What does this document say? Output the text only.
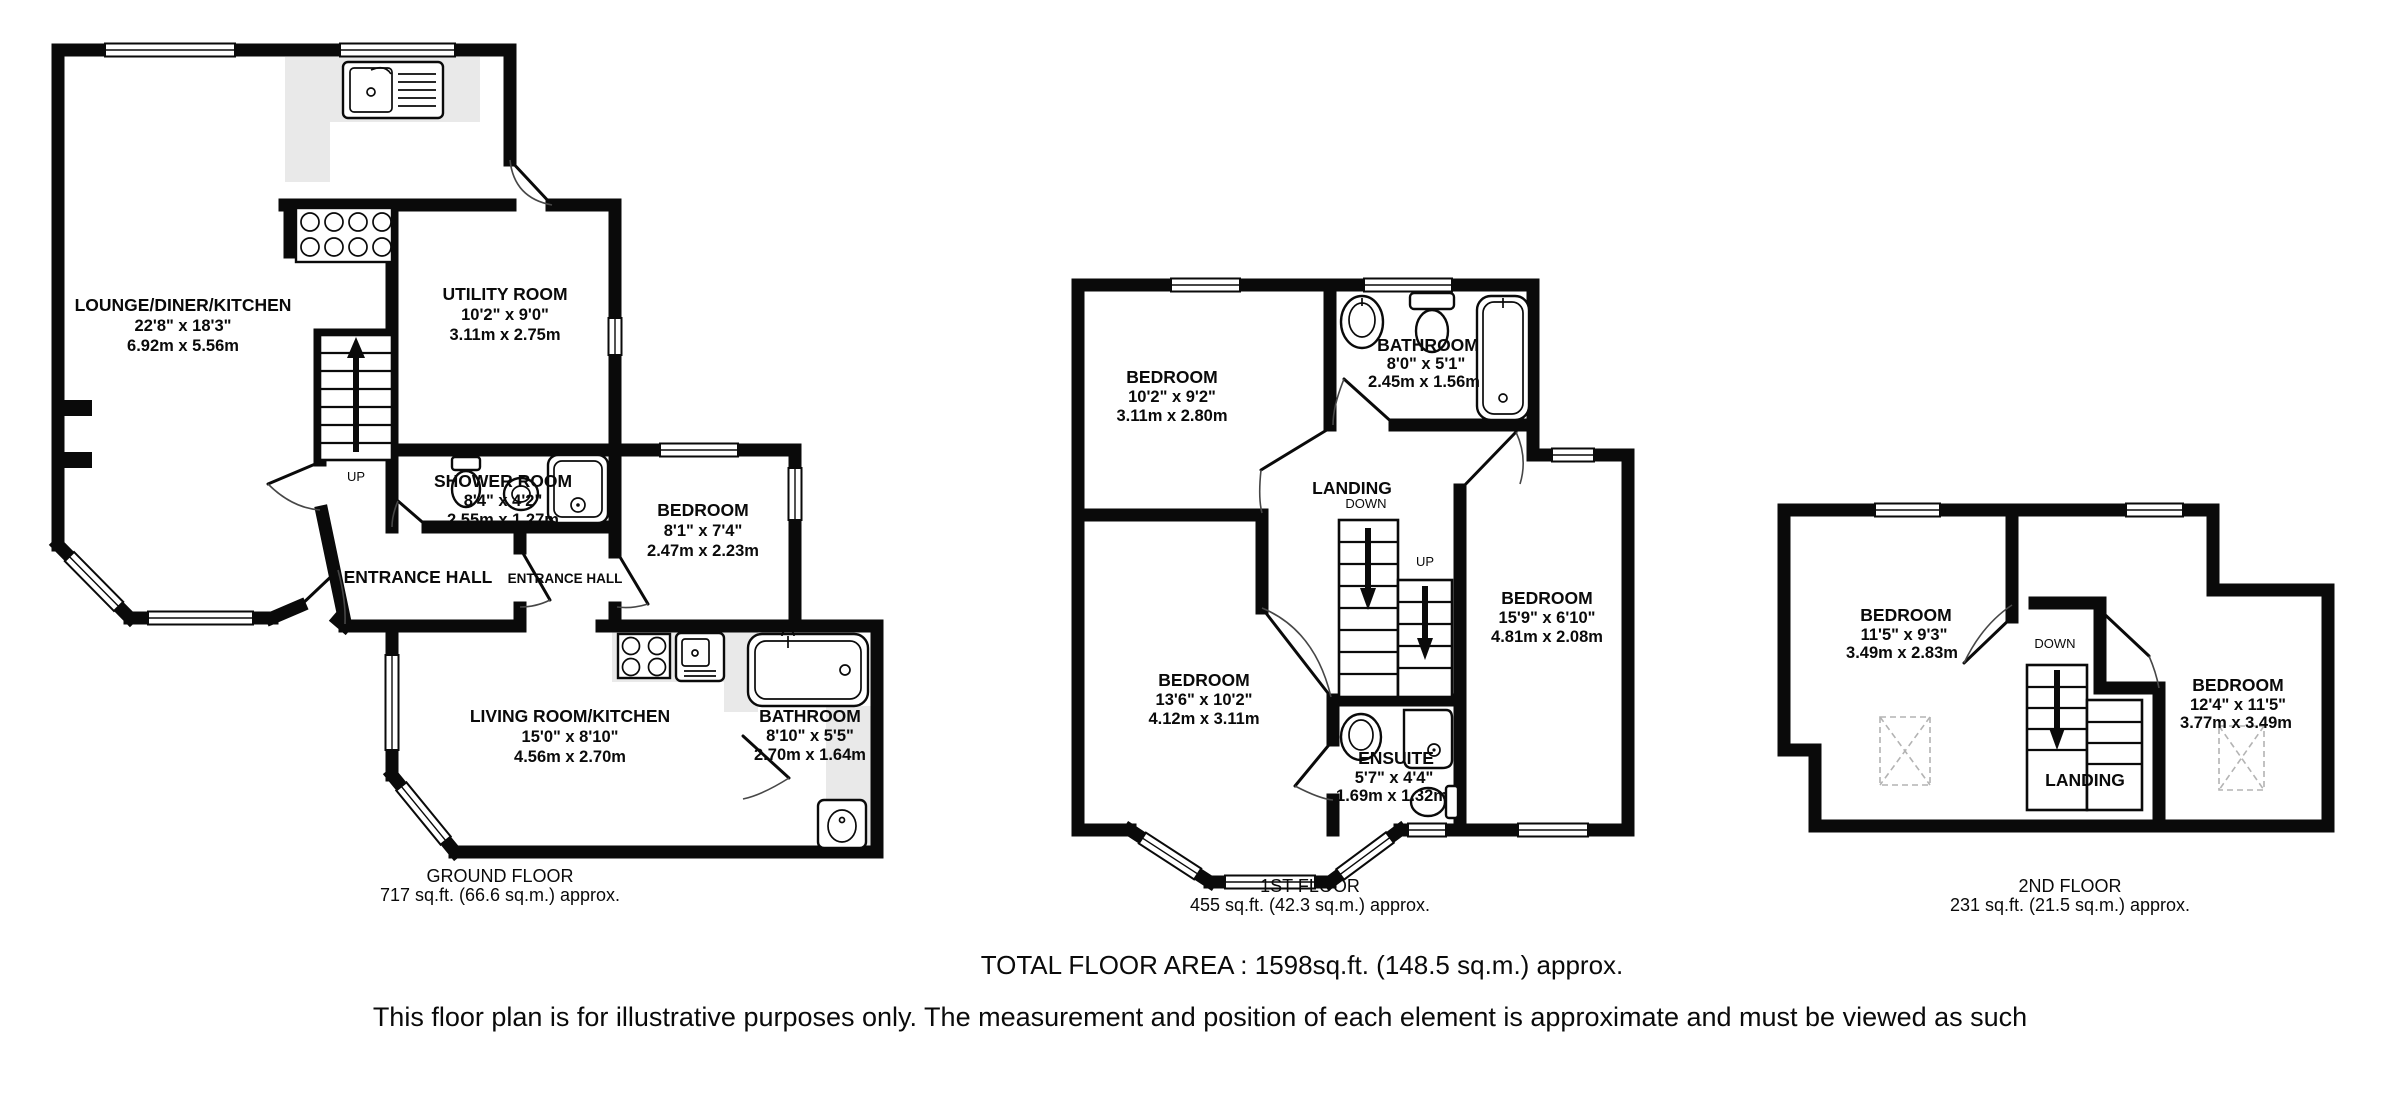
LOUNGE/DINER/KITCHEN
22'8" x 18'3"
6.92m x 5.56m
UTILITY ROOM
10'2" x 9'0"
3.11m x 2.75m
SHOWER ROOM
8'4" x 4'2"
2.55m x 1.27m	BEDROOM
8'1" x 7'4"
2.47m x 2.23m
LIVING ROOM/KITCHEN
15'0" x 8'10"
4.56m x 2.70m
BATHROOM
8'10" x 5'5"
2.70m x 1.64m
ENTRANCE HALL ENTRANCE HALL
UP
GROUND FLOOR
717 sq.ft. (66.6 sq.m.) approx.
BEDROOM
10'2" x 9'2"
3.11m x 2.80m
BATHROOM
8'0" x 5'1"
2.45m x 1.56m
BEDROOM
13'6" x 10'2"
4.12m x 3.11m
BEDROOM
15'9" x 6'10"
4.81m x 2.08m
ENSUITE
5'7" x 4'4"
1.69m x 1.32m
LANDING
DOWN
UP
1ST FLOOR
455 sq.ft. (42.3 sq.m.) approx.
BEDROOM
11'5" x 9'3"
3.49m x 2.83m
BEDROOM
12'4" x 11'5"
3.77m x 3.49m
DOWN
LANDING
2ND FLOOR
231 sq.ft. (21.5 sq.m.) approx.
TOTAL FLOOR AREA : 1598sq.ft. (148.5 sq.m.) approx.
This floor plan is for illustrative purposes only. The measurement and position of each element is approximate and must be viewed as such
